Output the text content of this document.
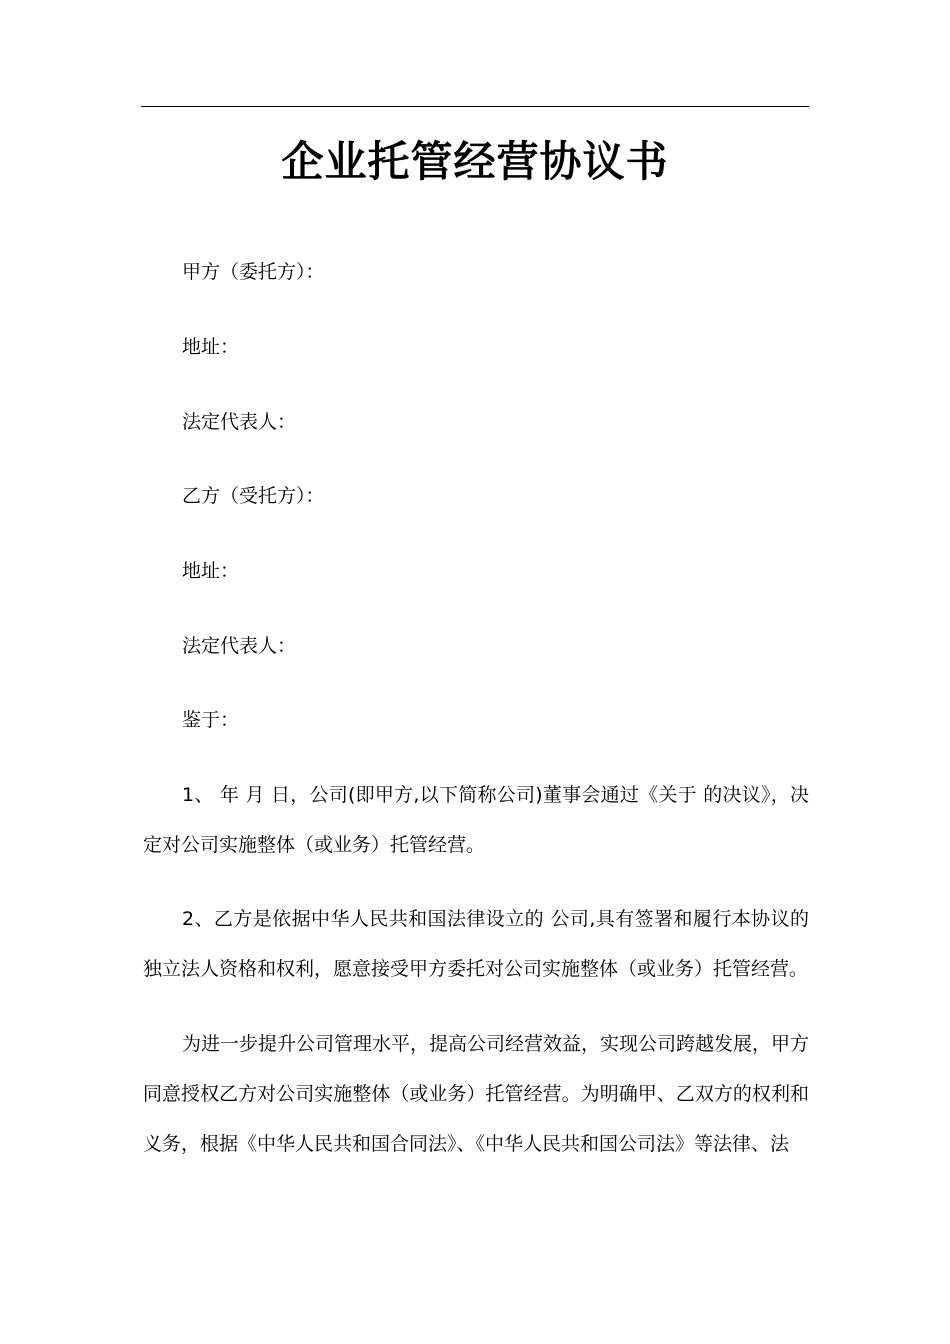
企业托管经营协议书

甲方（委托方）：

地址：

法定代表人：

乙方（受托方）：

地址：

法定代表人：

鉴于：

1、 年 月 日，公司(即甲方,以下简称公司)董事会通过《关于 的决议》，决定对公司实施整体（或业务）托管经营。

2、乙方是依据中华人民共和国法律设立的 公司,具有签署和履行本协议的独立法人资格和权利，愿意接受甲方委托对公司实施整体（或业务）托管经营。

为进一步提升公司管理水平，提高公司经营效益，实现公司跨越发展，甲方同意授权乙方对公司实施整体（或业务）托管经营。为明确甲、乙双方的权利和义务，根据《中华人民共和国合同法》、《中华人民共和国公司法》等法律、法
